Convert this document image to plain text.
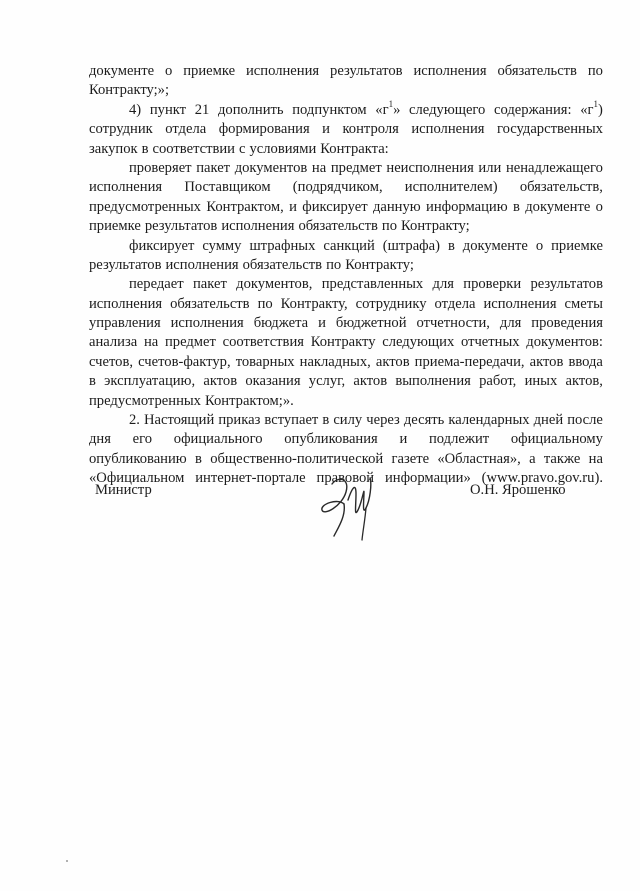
документе о приемке исполнения результатов исполнения обязательств по
Контракту;»;
4) пункт 21 дополнить подпунктом «$г^1$» следующего содержания: «$г^1$)
сотрудник отдела формирования и контроля исполнения государственных
закупок в соответствии с условиями Контракта:
проверяет пакет документов на предмет неисполнения или ненадлежащего
исполнения Поставщиком (подрядчиком, исполнителем) обязательств,
предусмотренных Контрактом, и фиксирует данную информацию в документе о
приемке результатов исполнения обязательств по Контракту;
фиксирует сумму штрафных санкций (штрафа) в документе о приемке
результатов исполнения обязательств по Контракту;
передает пакет документов, представленных для проверки результатов
исполнения обязательств по Контракту, сотруднику отдела исполнения сметы
управления исполнения бюджета и бюджетной отчетности, для проведения
анализа на предмет соответствия Контракту следующих отчетных документов:
счетов, счетов-фактур, товарных накладных, актов приема-передачи, актов ввода
в эксплуатацию, актов оказания услуг, актов выполнения работ, иных актов,
предусмотренных Контрактом;».
2. Настоящий приказ вступает в силу через десять календарных дней после
дня его официального опубликования и подлежит официальному
опубликованию в общественно-политической газете «Областная», а также на
«Официальном интернет-портале правовой информации» (www.pravo.gov.ru).
Министр	О.Н. Ярошенко
